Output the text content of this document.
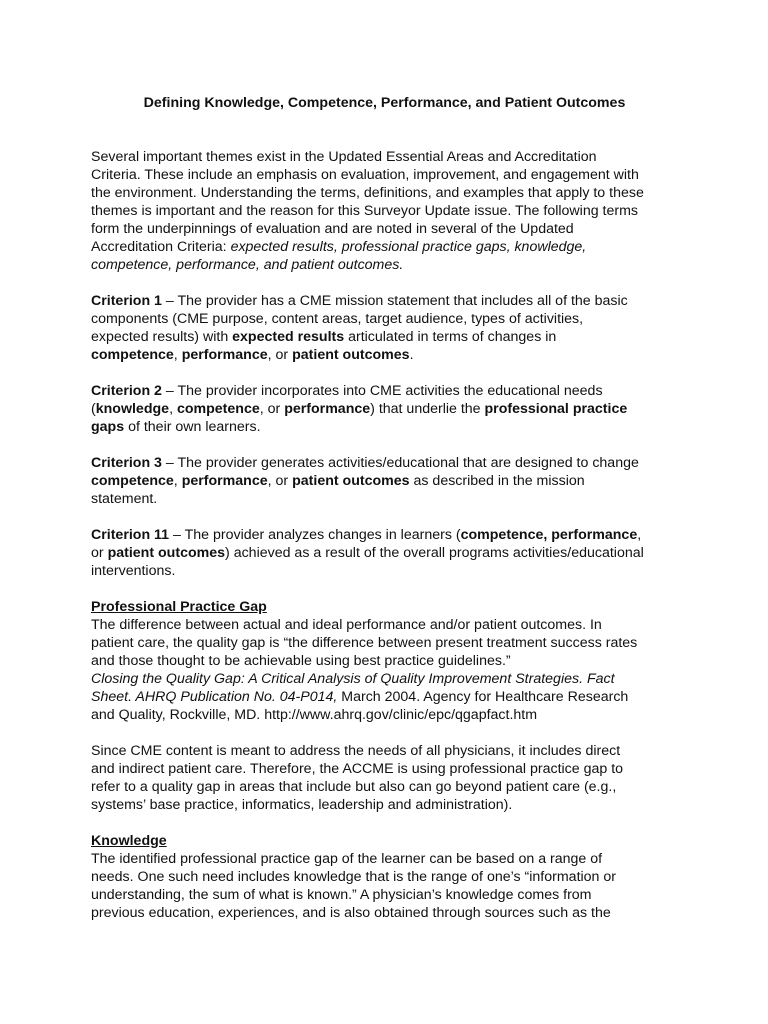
Defining Knowledge, Competence, Performance, and Patient Outcomes
Several important themes exist in the Updated Essential Areas and Accreditation
Criteria. These include an emphasis on evaluation, improvement, and engagement with
the environment. Understanding the terms, definitions, and examples that apply to these
themes is important and the reason for this Surveyor Update issue. The following terms
form the underpinnings of evaluation and are noted in several of the Updated
Accreditation Criteria: expected results, professional practice gaps, knowledge,
competence, performance, and patient outcomes.
Criterion 1 – The provider has a CME mission statement that includes all of the basic
components (CME purpose, content areas, target audience, types of activities,
expected results) with expected results articulated in terms of changes in
competence, performance, or patient outcomes.
Criterion 2 – The provider incorporates into CME activities the educational needs
(knowledge, competence, or performance) that underlie the professional practice
gaps of their own learners.
Criterion 3 – The provider generates activities/educational that are designed to change
competence, performance, or patient outcomes as described in the mission
statement.
Criterion 11 – The provider analyzes changes in learners (competence, performance,
or patient outcomes) achieved as a result of the overall programs activities/educational
interventions.
Professional Practice Gap
The difference between actual and ideal performance and/or patient outcomes. In
patient care, the quality gap is “the difference between present treatment success rates
and those thought to be achievable using best practice guidelines.”
Closing the Quality Gap: A Critical Analysis of Quality Improvement Strategies. Fact
Sheet. AHRQ Publication No. 04-P014, March 2004. Agency for Healthcare Research
and Quality, Rockville, MD. http://www.ahrq.gov/clinic/epc/qgapfact.htm
Since CME content is meant to address the needs of all physicians, it includes direct
and indirect patient care. Therefore, the ACCME is using professional practice gap to
refer to a quality gap in areas that include but also can go beyond patient care (e.g.,
systems’ base practice, informatics, leadership and administration).
Knowledge
The identified professional practice gap of the learner can be based on a range of
needs. One such need includes knowledge that is the range of one’s “information or
understanding, the sum of what is known.” A physician’s knowledge comes from
previous education, experiences, and is also obtained through sources such as the
